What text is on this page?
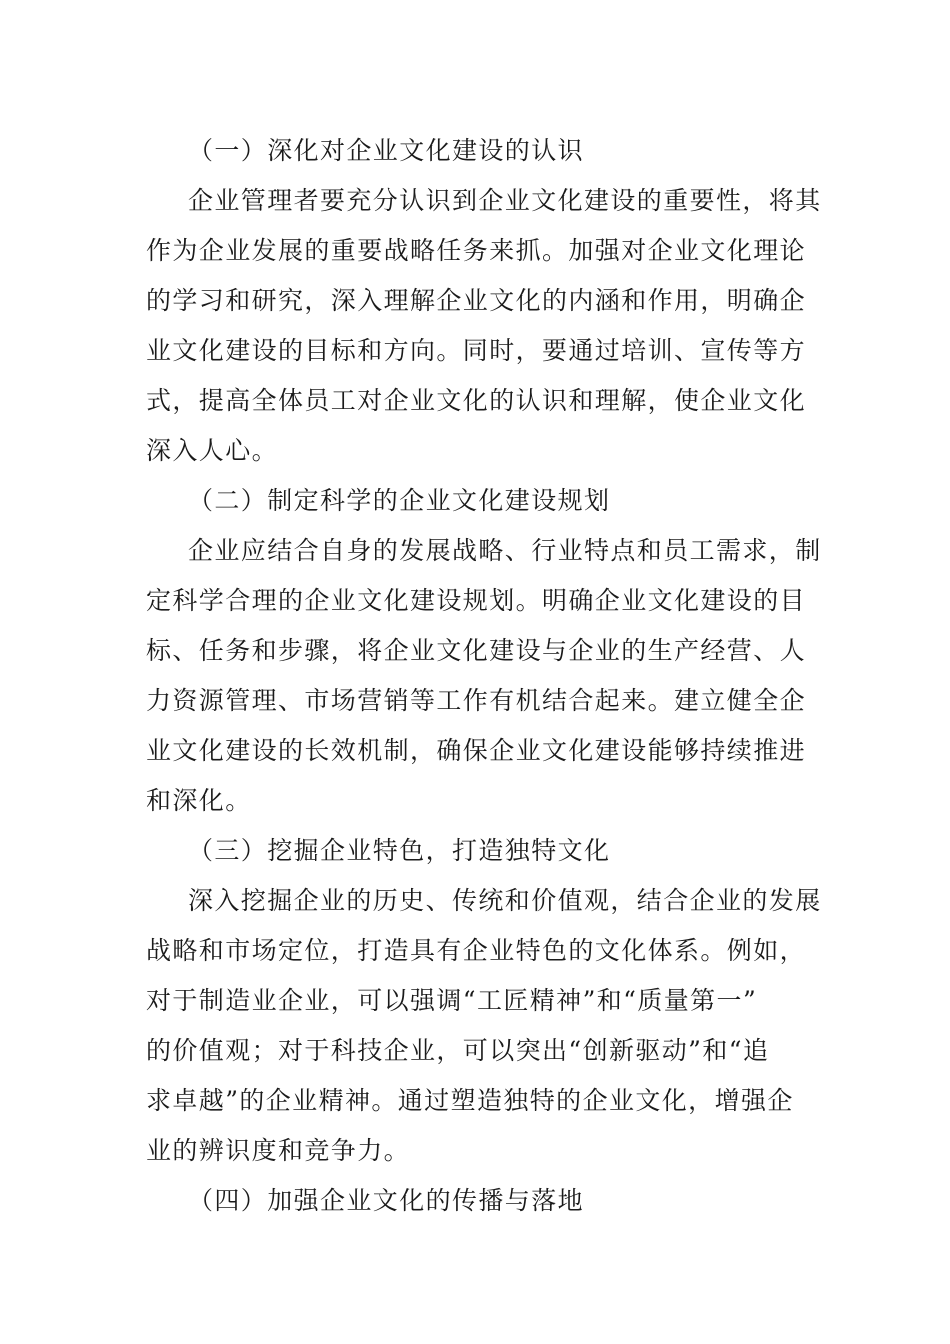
（一）深化对企业文化建设的认识

企业管理者要充分认识到企业文化建设的重要性，将其
作为企业发展的重要战略任务来抓。加强对企业文化理论
的学习和研究，深入理解企业文化的内涵和作用，明确企
业文化建设的目标和方向。同时，要通过培训、宣传等方
式，提高全体员工对企业文化的认识和理解，使企业文化
深入人心。

（二）制定科学的企业文化建设规划

企业应结合自身的发展战略、行业特点和员工需求，制
定科学合理的企业文化建设规划。明确企业文化建设的目
标、任务和步骤，将企业文化建设与企业的生产经营、人
力资源管理、市场营销等工作有机结合起来。建立健全企
业文化建设的长效机制，确保企业文化建设能够持续推进
和深化。

（三）挖掘企业特色，打造独特文化

深入挖掘企业的历史、传统和价值观，结合企业的发展
战略和市场定位，打造具有企业特色的文化体系。例如，
对于制造业企业，可以强调“工匠精神”和“质量第一”
的价值观；对于科技企业，可以突出“创新驱动”和“追
求卓越”的企业精神。通过塑造独特的企业文化，增强企
业的辨识度和竞争力。

（四）加强企业文化的传播与落地
